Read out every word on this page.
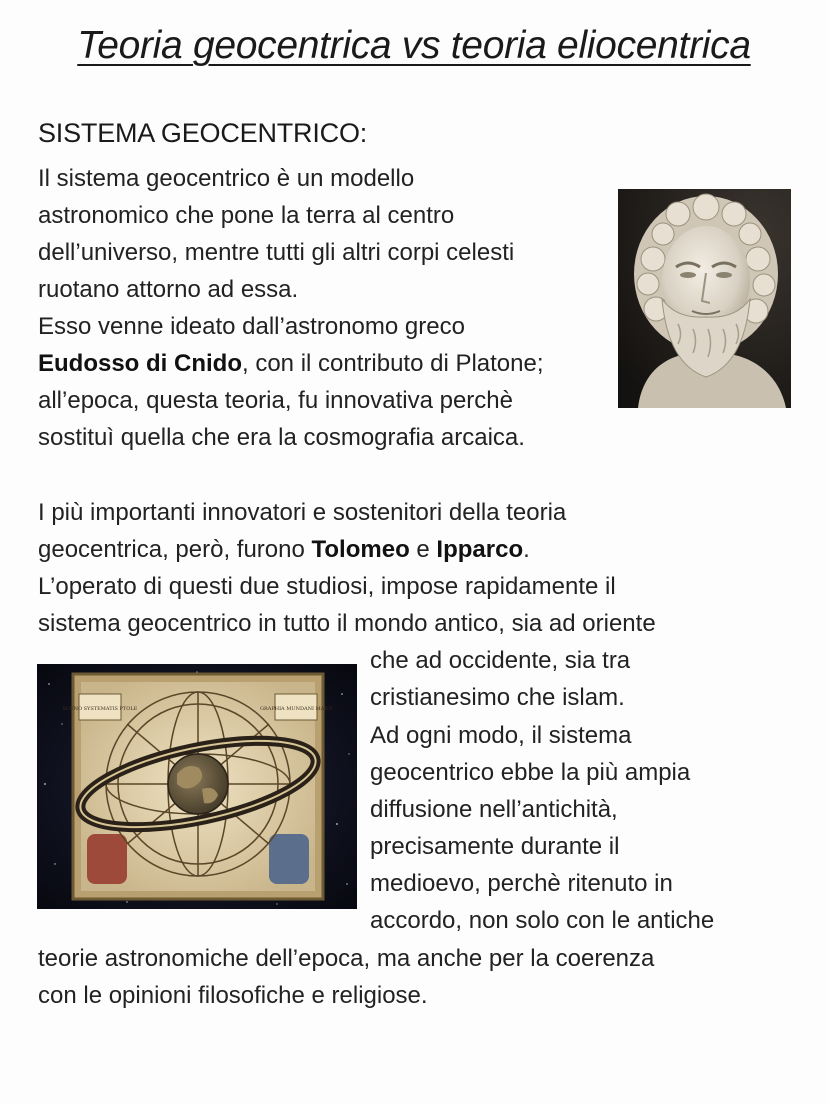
Teoria geocentrica vs teoria eliocentrica
SISTEMA GEOCENTRICO:
Il sistema geocentrico è un modello
astronomico che pone la terra al centro
dell’universo, mentre tutti gli altri corpi celesti
ruotano attorno ad essa.
Esso venne ideato dall’astronomo greco
Eudosso di Cnido, con il contributo di Platone;
all’epoca, questa teoria, fu innovativa perchè
sostituì quella che era la cosmografia arcaica.
I più importanti innovatori e sostenitori della teoria
geocentrica, però, furono Tolomeo e Ipparco.
L’operato di questi due studiosi, impose rapidamente il
sistema geocentrico in tutto il mondo antico, sia ad oriente
che ad occidente, sia tra
cristianesimo che islam.
Ad ogni modo, il sistema
geocentrico ebbe la più ampia
diffusione nell’antichità,
precisamente durante il
medioevo, perchè ritenuto in
accordo, non solo con le antiche
teorie astronomiche dell’epoca, ma anche per la coerenza
con le opinioni filosofiche e religiose.
SCENO SYSTEMATIS PTOLE	GRAPHIA MUNDANI MAICI
